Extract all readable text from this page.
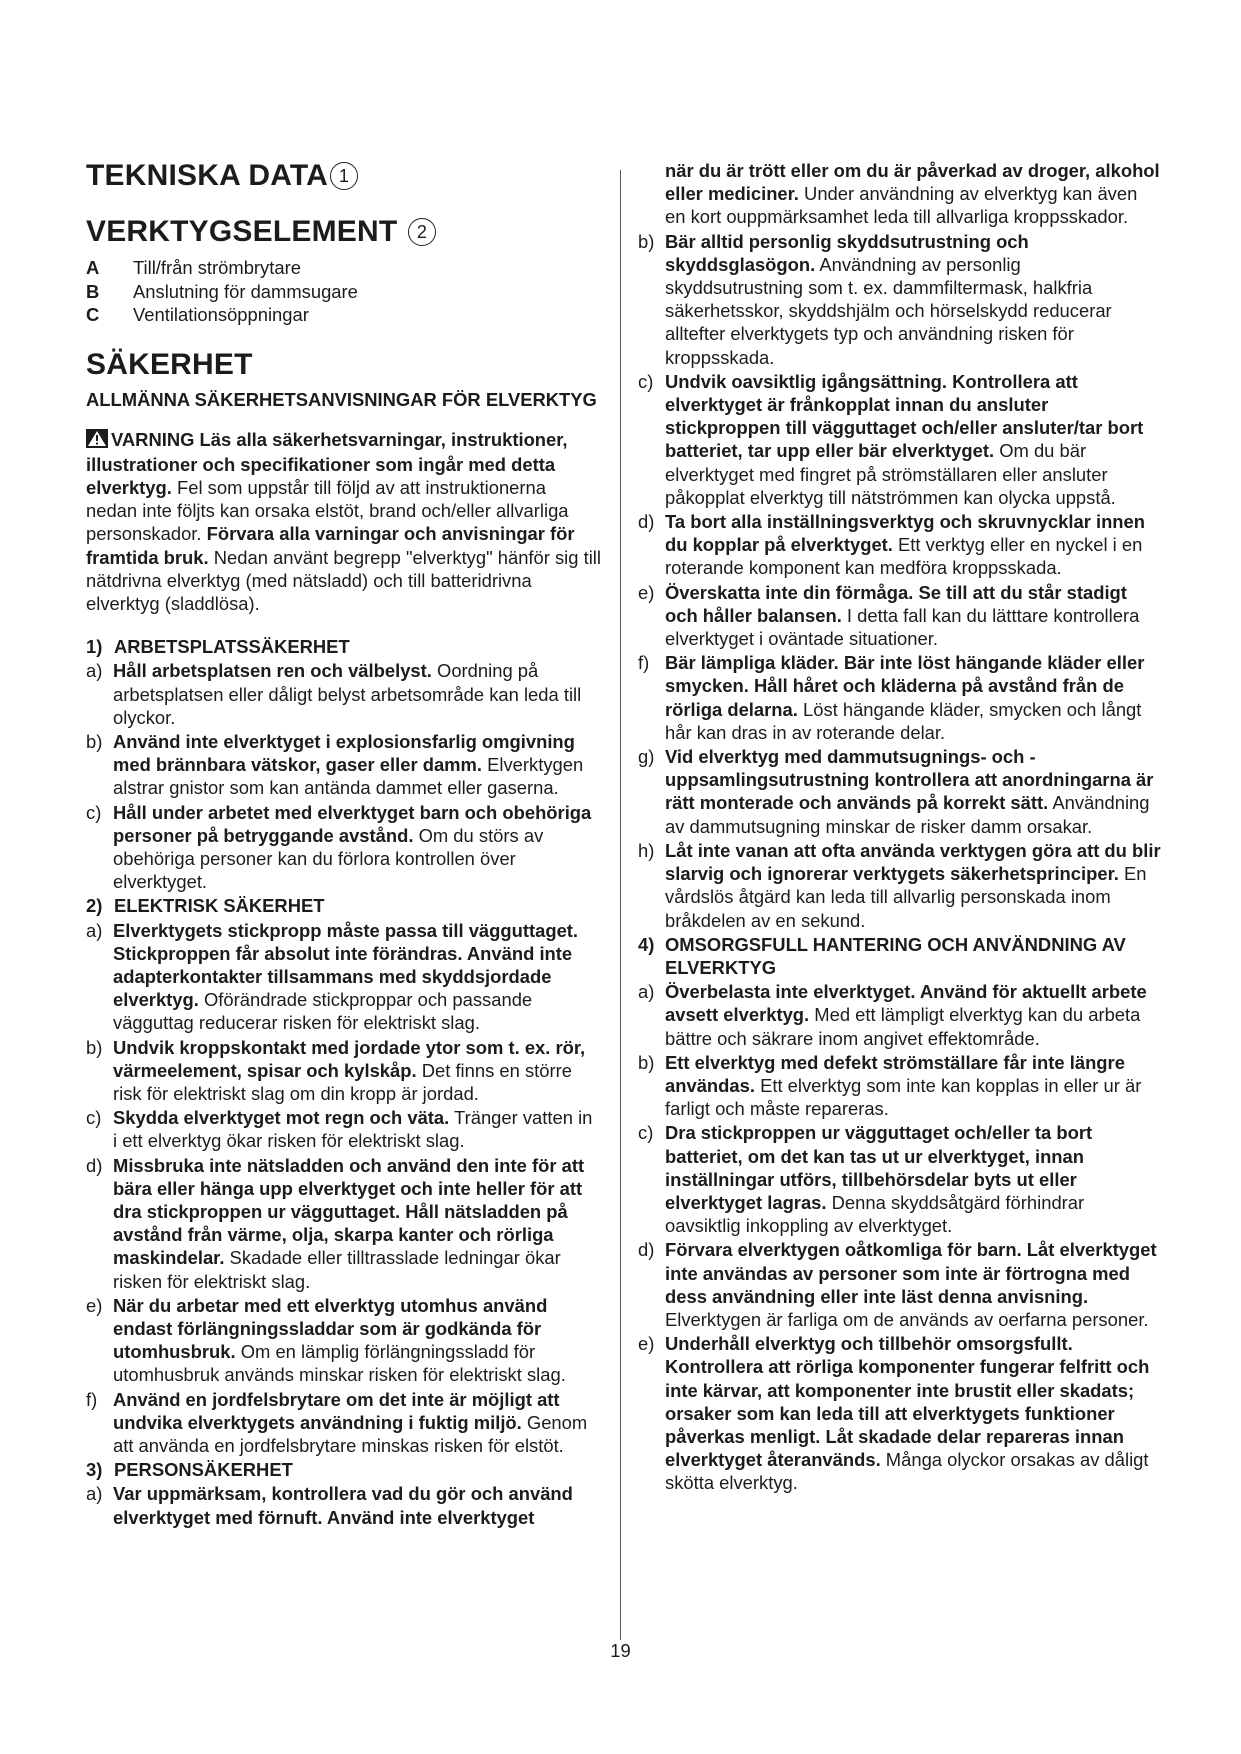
TEKNISKA DATA 1
VERKTYGSELEMENT 2
A	Till/från strömbrytare
B	Anslutning för dammsugare
C	Ventilationsöppningar
SÄKERHET
ALLMÄNNA SÄKERHETSANVISNINGAR FÖR ELVERKTYG
VARNING Läs alla säkerhetsvarningar, instruktioner, illustrationer och specifikationer som ingår med detta elverktyg. Fel som uppstår till följd av att instruktionerna nedan inte följts kan orsaka elstöt, brand och/eller allvarliga personskador. Förvara alla varningar och anvisningar för framtida bruk. Nedan använt begrepp "elverktyg" hänför sig till nätdrivna elverktyg (med nätsladd) och till batteridrivna elverktyg (sladdlösa).
1) ARBETSPLATSSÄKERHET
a) Håll arbetsplatsen ren och välbelyst. Oordning på arbetsplatsen eller dåligt belyst arbetsområde kan leda till olyckor.
b) Använd inte elverktyget i explosionsfarlig omgivning med brännbara vätskor, gaser eller damm. Elverktygen alstrar gnistor som kan antända dammet eller gaserna.
c) Håll under arbetet med elverktyget barn och obehöriga personer på betryggande avstånd. Om du störs av obehöriga personer kan du förlora kontrollen över elverktyget.
2) ELEKTRISK SÄKERHET
a) Elverktygets stickpropp måste passa till vägguttaget. Stickproppen får absolut inte förändras. Använd inte adapterkontakter tillsammans med skyddsjordade elverktyg. Oförändrade stickproppar och passande vägguttag reducerar risken för elektriskt slag.
b) Undvik kroppskontakt med jordade ytor som t. ex. rör, värmeelement, spisar och kylskåp. Det finns en större risk för elektriskt slag om din kropp är jordad.
c) Skydda elverktyget mot regn och väta. Tränger vatten in i ett elverktyg ökar risken för elektriskt slag.
d) Missbruka inte nätsladden och använd den inte för att bära eller hänga upp elverktyget och inte heller för att dra stickproppen ur vägguttaget. Håll nätsladden på avstånd från värme, olja, skarpa kanter och rörliga maskindelar. Skadade eller tilltrasslade ledningar ökar risken för elektriskt slag.
e) När du arbetar med ett elverktyg utomhus använd endast förlängningssladdar som är godkända för utomhusbruk. Om en lämplig förlängningssladd för utomhusbruk används minskar risken för elektriskt slag.
f) Använd en jordfelsbrytare om det inte är möjligt att undvika elverktygets användning i fuktig miljö. Genom att använda en jordfelsbrytare minskas risken för elstöt.
3) PERSONSÄKERHET
a) Var uppmärksam, kontrollera vad du gör och använd elverktyget med förnuft. Använd inte elverktyget
när du är trött eller om du är påverkad av droger, alkohol eller mediciner. Under användning av elverktyg kan även en kort ouppmärksamhet leda till allvarliga kroppsskador.
b) Bär alltid personlig skyddsutrustning och skyddsglasögon. Användning av personlig skyddsutrustning som t. ex. dammfiltermask, halkfria säkerhetsskor, skyddshjälm och hörselskydd reducerar alltefter elverktygets typ och användning risken för kroppsskada.
c) Undvik oavsiktlig igångsättning. Kontrollera att elverktyget är frånkopplat innan du ansluter stickproppen till vägguttaget och/eller ansluter/tar bort batteriet, tar upp eller bär elverktyget. Om du bär elverktyget med fingret på strömställaren eller ansluter påkopplat elverktyg till nätströmmen kan olycka uppstå.
d) Ta bort alla inställningsverktyg och skruvnycklar innen du kopplar på elverktyget. Ett verktyg eller en nyckel i en roterande komponent kan medföra kroppsskada.
e) Överskatta inte din förmåga. Se till att du står stadigt och håller balansen. I detta fall kan du lätttare kontrollera elverktyget i oväntade situationer.
f) Bär lämpliga kläder. Bär inte löst hängande kläder eller smycken. Håll håret och kläderna på avstånd från de rörliga delarna. Löst hängande kläder, smycken och långt hår kan dras in av roterande delar.
g) Vid elverktyg med dammutsugnings- och -uppsamlingsutrustning kontrollera att anordningarna är rätt monterade och används på korrekt sätt. Användning av dammutsugning minskar de risker damm orsakar.
h) Låt inte vanan att ofta använda verktygen göra att du blir slarvig och ignorerar verktygets säkerhetsprinciper. En vårdslös åtgärd kan leda till allvarlig personskada inom bråkdelen av en sekund.
4) OMSORGSFULL HANTERING OCH ANVÄNDNING AV ELVERKTYG
a) Överbelasta inte elverktyget. Använd för aktuellt arbete avsett elverktyg. Med ett lämpligt elverktyg kan du arbeta bättre och säkrare inom angivet effektområde.
b) Ett elverktyg med defekt strömställare får inte längre användas. Ett elverktyg som inte kan kopplas in eller ur är farligt och måste repareras.
c) Dra stickproppen ur vägguttaget och/eller ta bort batteriet, om det kan tas ut ur elverktyget, innan inställningar utförs, tillbehörsdelar byts ut eller elverktyget lagras. Denna skyddsåtgärd förhindrar oavsiktlig inkoppling av elverktyget.
d) Förvara elverktygen oåtkomliga för barn. Låt elverktyget inte användas av personer som inte är förtrogna med dess användning eller inte läst denna anvisning. Elverktygen är farliga om de används av oerfarna personer.
e) Underhåll elverktyg och tillbehör omsorgsfullt. Kontrollera att rörliga komponenter fungerar felfritt och inte kärvar, att komponenter inte brustit eller skadats; orsaker som kan leda till att elverktygets funktioner påverkas menligt. Låt skadade delar repareras innan elverktyget återanvänds. Många olyckor orsakas av dåligt skötta elverktyg.
19
